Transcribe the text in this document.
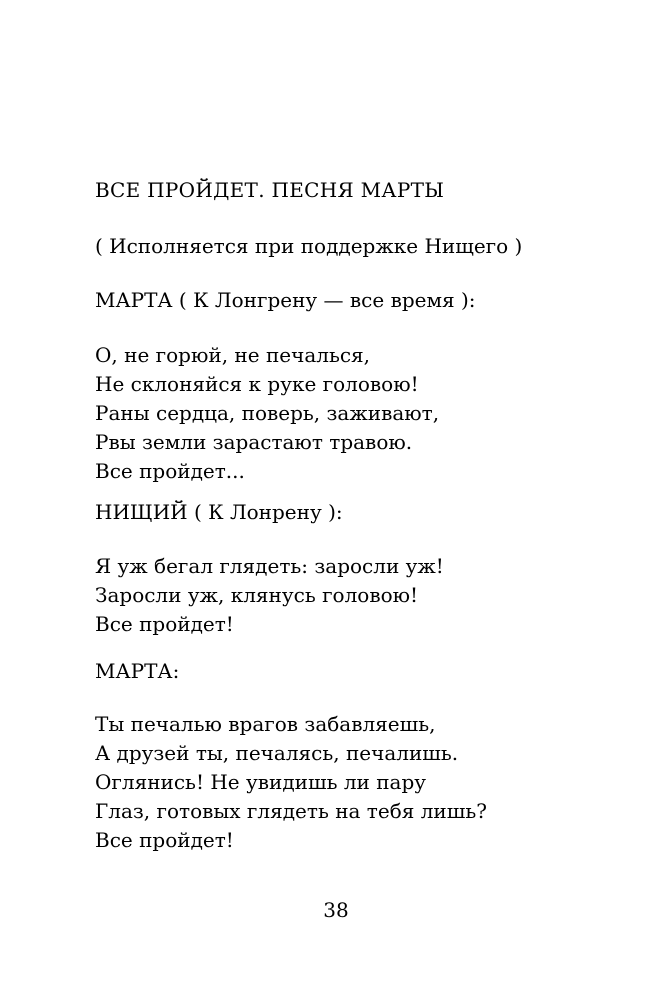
ВСЕ ПРОЙДЕТ. ПЕСНЯ МАРТЫ
( Исполняется при поддержке Нищего )
МАРТА ( К Лонгрену — все время ):
О, не горюй, не печалься,
Не склоняйся к руке головою!
Раны сердца, поверь, заживают,
Рвы земли зарастают травою.
Все пройдет...
НИЩИЙ ( К Лонрену ):
Я уж бегал глядеть: заросли уж!
Заросли уж, клянусь головою!
Все пройдет!
МАРТА:
Ты печалью врагов забавляешь,
А друзей ты, печалясь, печалишь.
Оглянись! Не увидишь ли пару
Глаз, готовых глядеть на тебя лишь?
Все пройдет!
38
